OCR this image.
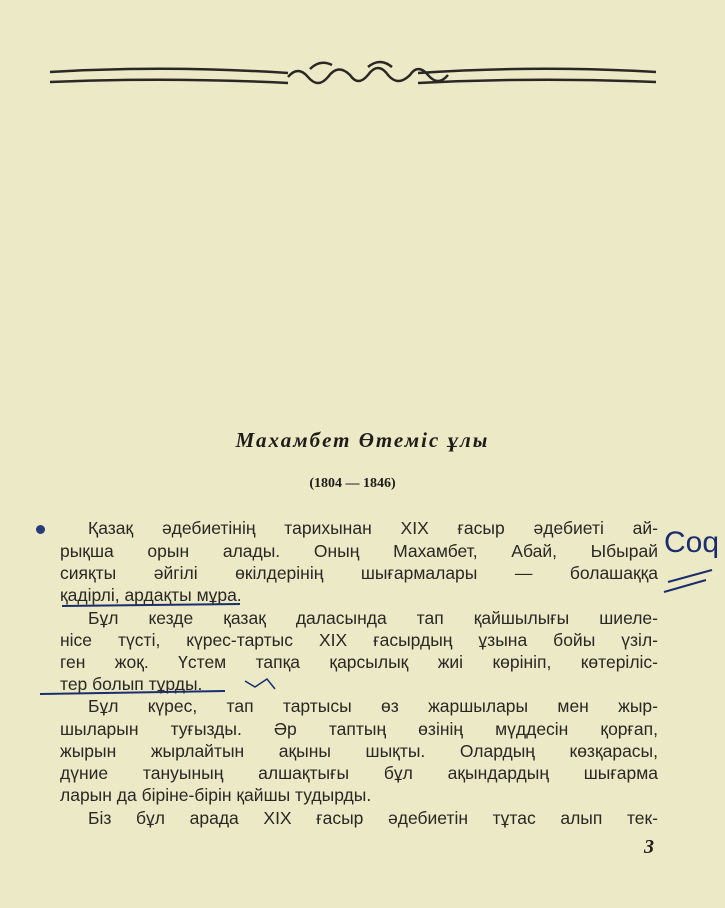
Махамбет Өтеміс ұлы
(1804 — 1846)
Қазақ әдебиетінің тарихынан XIX ғасыр әдебиеті ай-
рықша орын алады. Оның Махамбет, Абай, Ыбырай
сияқты әйгілі өкілдерінің шығармалары — болашаққа
қадірлі, ардақты мұра.
Бұл кезде қазақ даласында тап қайшылығы шиеле-
ніce түсті, күрес-тартыс XIX ғасырдың ұзына бойы үзіл-
ген жоқ. Үстем тапқа қарсылық жиі көрініп, көтеріліс-
тер болып тұрды.
Бұл күрес, тап тартысы өз жаршылары мен жыр-
шыларын туғызды. Әр таптың өзінің мүддесін қорғап,
жырын жырлайтын ақыны шықты. Олардың көзқарасы,
дүние тануының алшақтығы бұл ақындардың шығарма
ларын да біріне-бірін қайшы тудырды.
Біз бұл арада XIX ғасыр әдебиетін тұтас алып тек-
Соq
3
